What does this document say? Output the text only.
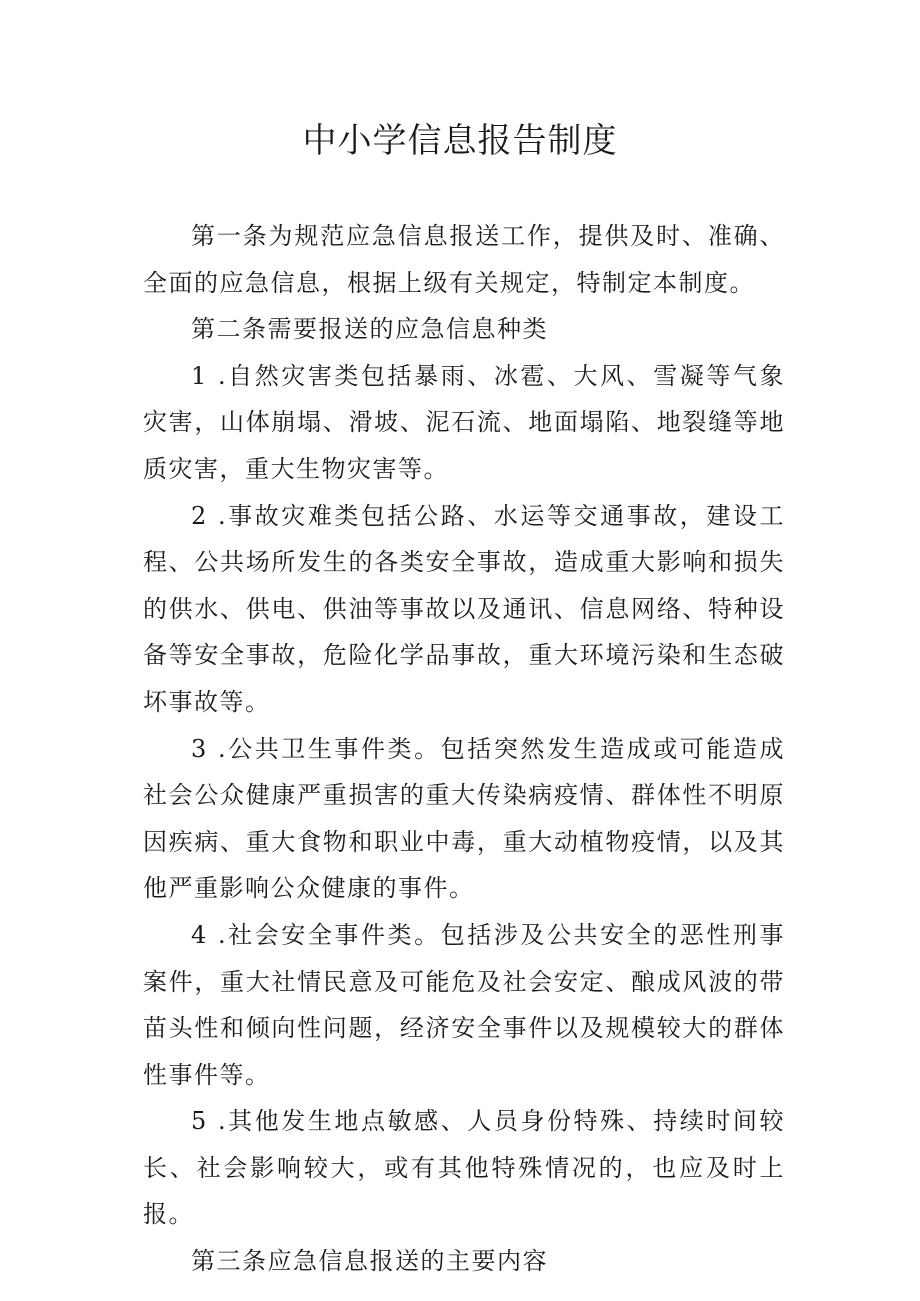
中小学信息报告制度

第一条为规范应急信息报送工作，提供及时、准确、全面的应急信息，根据上级有关规定，特制定本制度。

第二条需要报送的应急信息种类

1 .自然灾害类包括暴雨、冰雹、大风、雪凝等气象灾害，山体崩塌、滑坡、泥石流、地面塌陷、地裂缝等地质灾害，重大生物灾害等。

2 .事故灾难类包括公路、水运等交通事故，建设工程、公共场所发生的各类安全事故，造成重大影响和损失的供水、供电、供油等事故以及通讯、信息网络、特种设备等安全事故，危险化学品事故，重大环境污染和生态破坏事故等。

3 .公共卫生事件类。包括突然发生造成或可能造成社会公众健康严重损害的重大传染病疫情、群体性不明原因疾病、重大食物和职业中毒，重大动植物疫情，以及其他严重影响公众健康的事件。

4 .社会安全事件类。包括涉及公共安全的恶性刑事案件，重大社情民意及可能危及社会安定、酿成风波的带苗头性和倾向性问题，经济安全事件以及规模较大的群体性事件等。

5 .其他发生地点敏感、人员身份特殊、持续时间较长、社会影响较大，或有其他特殊情况的，也应及时上报。

第三条应急信息报送的主要内容
